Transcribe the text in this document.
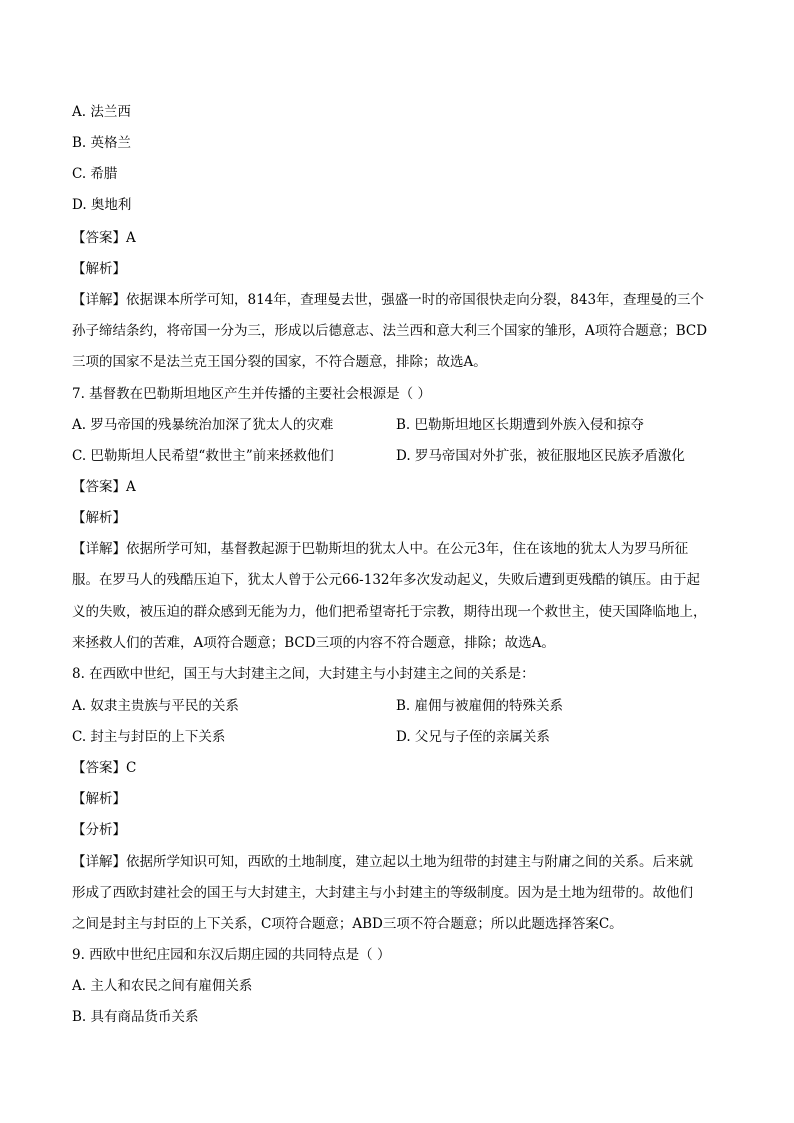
A. 法兰西
B. 英格兰
C. 希腊
D. 奥地利
【答案】A
【解析】
【详解】依据课本所学可知，814年，查理曼去世，强盛一时的帝国很快走向分裂，843年，查理曼的三个
孙子缔结条约，将帝国一分为三，形成以后德意志、法兰西和意大利三个国家的雏形，A项符合题意；BCD
三项的国家不是法兰克王国分裂的国家，不符合题意，排除；故选A。
7. 基督教在巴勒斯坦地区产生并传播的主要社会根源是（ ）
A. 罗马帝国的残暴统治加深了犹太人的灾难	B. 巴勒斯坦地区长期遭到外族入侵和掠夺
C. 巴勒斯坦人民希望“救世主”前来拯救他们	D. 罗马帝国对外扩张，被征服地区民族矛盾激化
【答案】A
【解析】
【详解】依据所学可知，基督教起源于巴勒斯坦的犹太人中。在公元3年，住在该地的犹太人为罗马所征
服。在罗马人的残酷压迫下，犹太人曾于公元66-132年多次发动起义，失败后遭到更残酷的镇压。由于起
义的失败，被压迫的群众感到无能为力，他们把希望寄托于宗教，期待出现一个救世主，使天国降临地上，
来拯救人们的苦难，A项符合题意；BCD三项的内容不符合题意，排除；故选A。
8. 在西欧中世纪，国王与大封建主之间，大封建主与小封建主之间的关系是：
A. 奴隶主贵族与平民的关系	B. 雇佣与被雇佣的特殊关系
C. 封主与封臣的上下关系	D. 父兄与子侄的亲属关系
【答案】C
【解析】
【分析】
【详解】依据所学知识可知，西欧的土地制度，建立起以土地为纽带的封建主与附庸之间的关系。后来就
形成了西欧封建社会的国王与大封建主，大封建主与小封建主的等级制度。因为是土地为纽带的。故他们
之间是封主与封臣的上下关系，C项符合题意；ABD三项不符合题意；所以此题选择答案C。
9. 西欧中世纪庄园和东汉后期庄园的共同特点是（ ）
A. 主人和农民之间有雇佣关系
B. 具有商品货币关系
